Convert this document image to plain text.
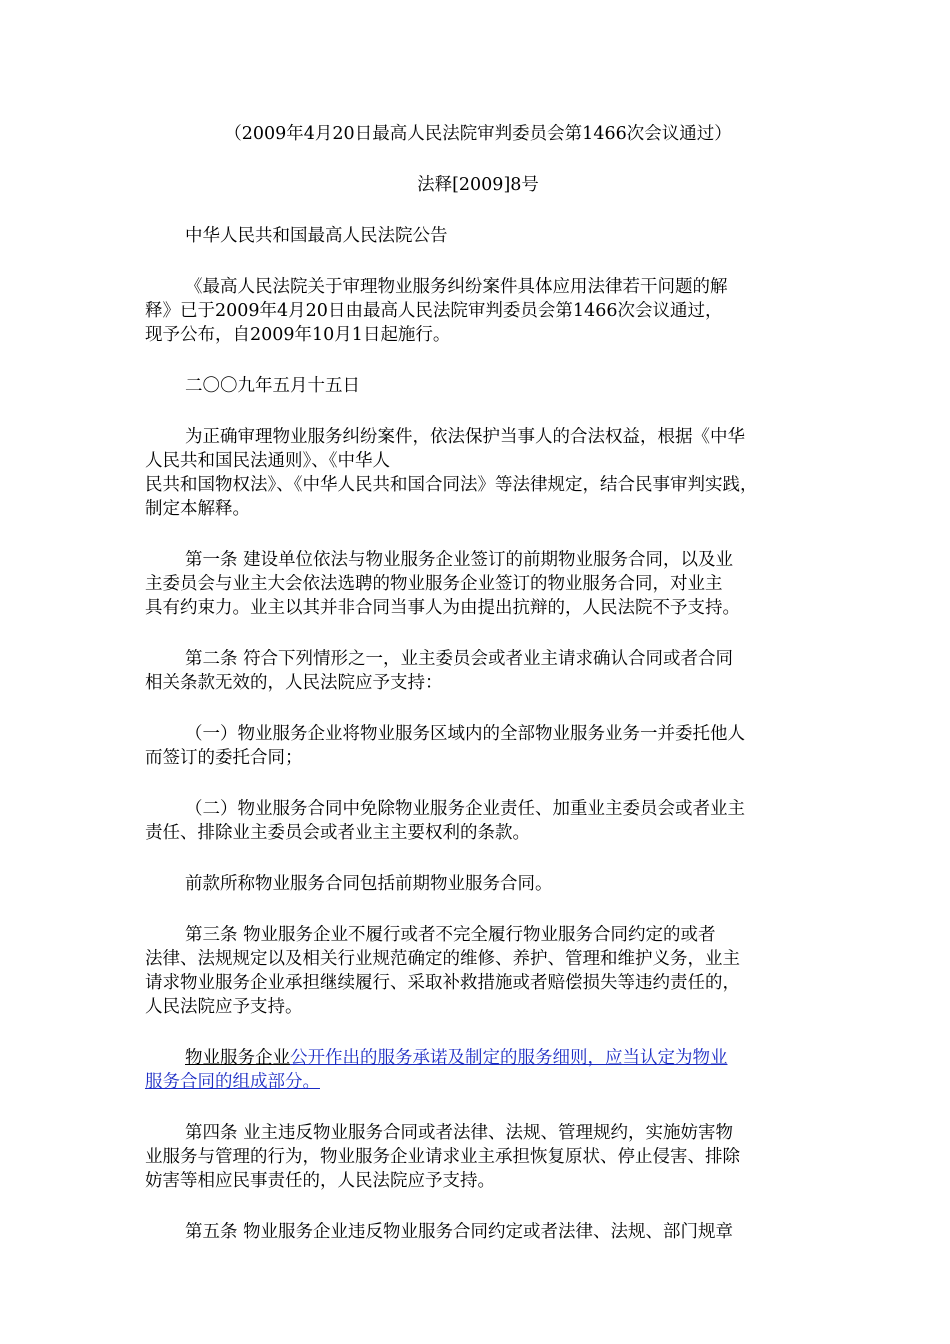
（2009年4月20日最高人民法院审判委员会第1466次会议通过）

法释[2009]8号

中华人民共和国最高人民法院公告

《最高人民法院关于审理物业服务纠纷案件具体应用法律若干问题的解
释》已于2009年4月20日由最高人民法院审判委员会第1466次会议通过，
现予公布，自2009年10月1日起施行。

二〇〇九年五月十五日

为正确审理物业服务纠纷案件，依法保护当事人的合法权益，根据《中华
人民共和国民法通则》、《中华人
民共和国物权法》、《中华人民共和国合同法》等法律规定，结合民事审判实践，
制定本解释。

第一条 建设单位依法与物业服务企业签订的前期物业服务合同，以及业
主委员会与业主大会依法选聘的物业服务企业签订的物业服务合同，对业主
具有约束力。业主以其并非合同当事人为由提出抗辩的，人民法院不予支持。

第二条 符合下列情形之一，业主委员会或者业主请求确认合同或者合同
相关条款无效的，人民法院应予支持：

（一）物业服务企业将物业服务区域内的全部物业服务业务一并委托他人
而签订的委托合同；

（二）物业服务合同中免除物业服务企业责任、加重业主委员会或者业主
责任、排除业主委员会或者业主主要权利的条款。

前款所称物业服务合同包括前期物业服务合同。

第三条 物业服务企业不履行或者不完全履行物业服务合同约定的或者
法律、法规规定以及相关行业规范确定的维修、养护、管理和维护义务，业主
请求物业服务企业承担继续履行、采取补救措施或者赔偿损失等违约责任的，
人民法院应予支持。

物业服务企业公开作出的服务承诺及制定的服务细则，应当认定为物业
服务合同的组成部分。

第四条 业主违反物业服务合同或者法律、法规、管理规约，实施妨害物
业服务与管理的行为，物业服务企业请求业主承担恢复原状、停止侵害、排除
妨害等相应民事责任的，人民法院应予支持。

第五条 物业服务企业违反物业服务合同约定或者法律、法规、部门规章
